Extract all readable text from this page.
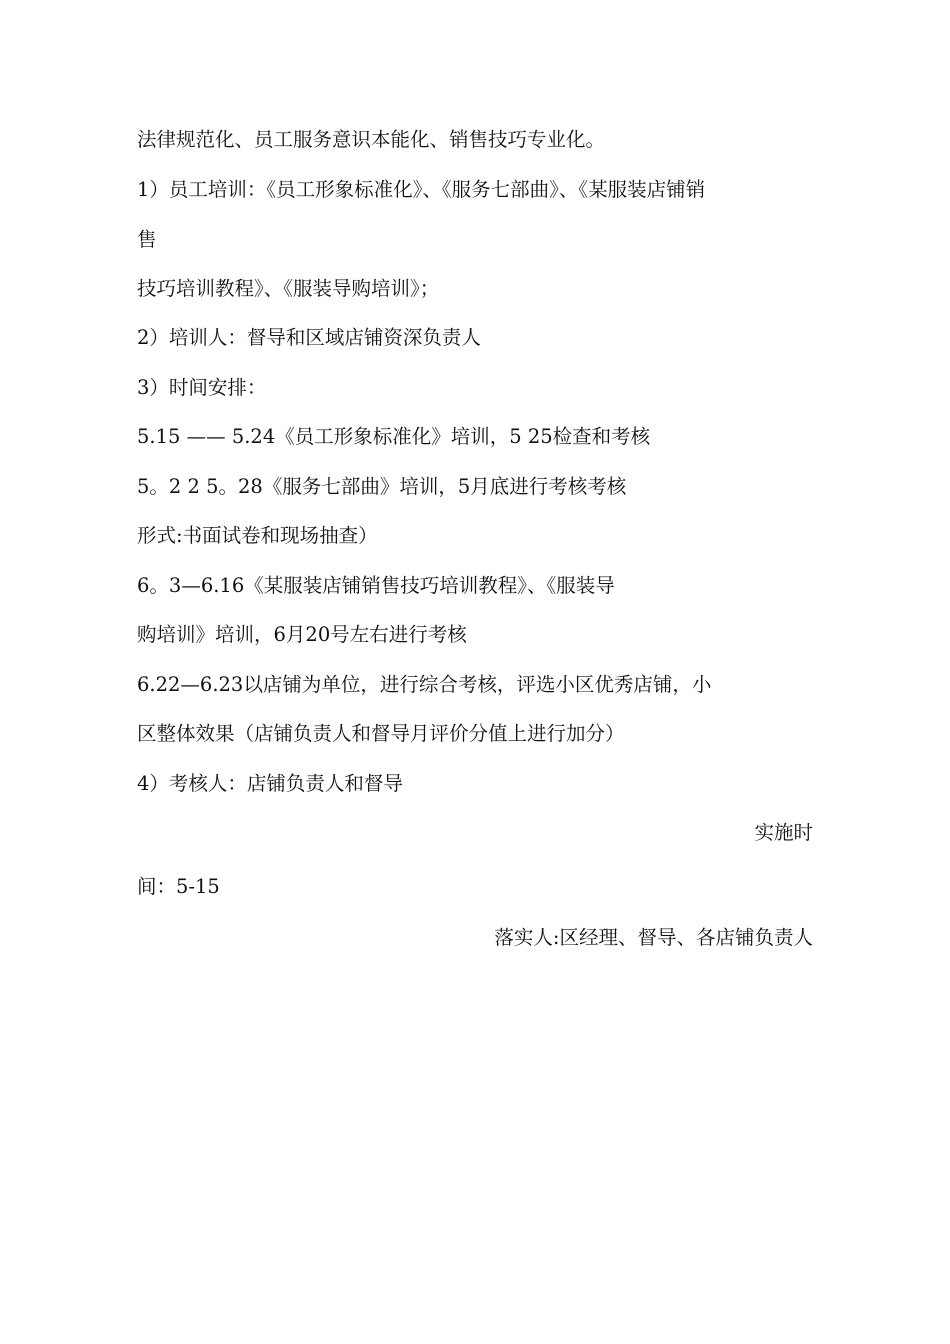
法律规范化、员工服务意识本能化、销售技巧专业化。
1）员工培训：《员工形象标准化》、《服务七部曲》、《某服装店铺销
售
技巧培训教程》、《服装导购培训》；
2）培训人：督导和区域店铺资深负责人
3）时间安排：
5.15 —— 5.24《员工形象标准化》培训，5 25检查和考核
5。2 2 5。28《服务七部曲》培训，5月底进行考核考核
形式:书面试卷和现场抽查）
6。3—6.16《某服装店铺销售技巧培训教程》、《服装导
购培训》培训，6月20号左右进行考核
6.22—6.23以店铺为单位，进行综合考核，评选小区优秀店铺，小
区整体效果（店铺负责人和督导月评价分值上进行加分）
4）考核人：店铺负责人和督导
实施时
间：5-15
落实人:区经理、督导、各店铺负责人
